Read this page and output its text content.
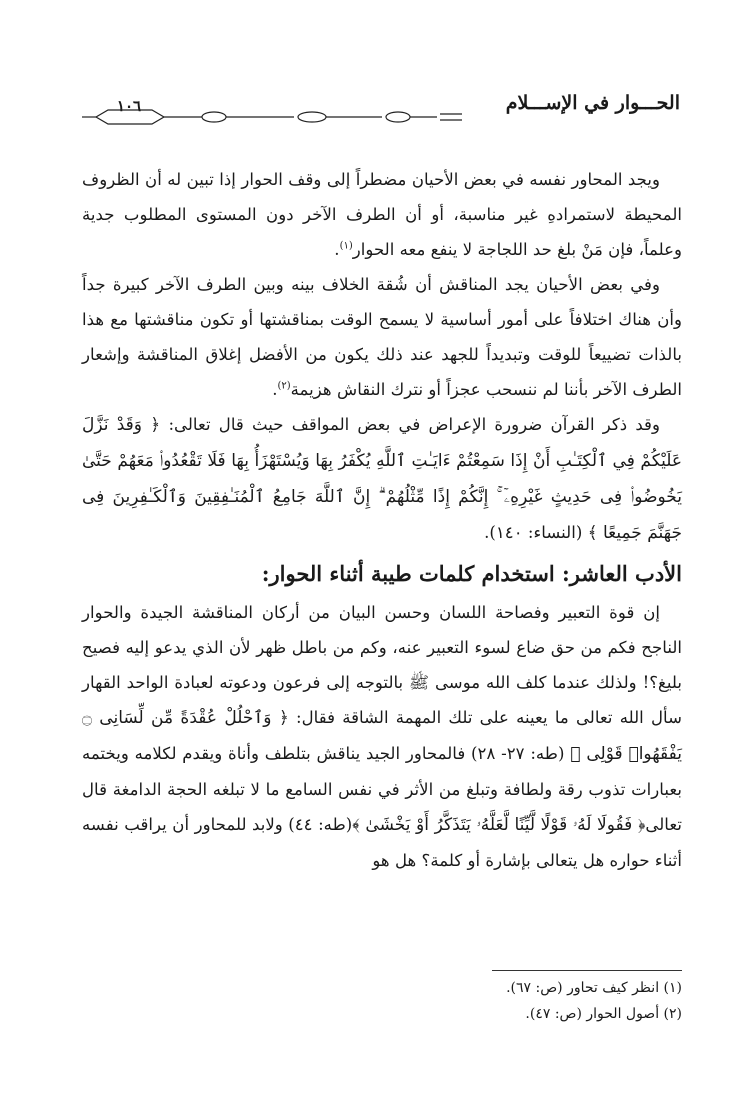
الحـــوار في الإســـلام
١٠٦

ويجد المحاور نفسه في بعض الأحيان مضطراً إلى وقف الحوار إذا تبين له أن الظروف المحيطة لاستمرادهِ غير مناسبة، أو أن الطرف الآخر دون المستوى المطلوب جدية وعلماً، فإن مَنْ بلغ حد اللجاجة لا ينفع معه الحوار$^{(١)}$.

وفي بعض الأحيان يجد المناقش أن شُقة الخلاف بينه وبين الطرف الآخر كبيرة جداً وأن هناك اختلافاً على أمور أساسية لا يسمح الوقت بمناقشتها أو تكون مناقشتها مع هذا بالذات تضييعاً للوقت وتبديداً للجهد عند ذلك يكون من الأفضل إغلاق المناقشة وإشعار الطرف الآخر بأننا لم ننسحب عجزاً أو نترك النقاش هزيمة$^{(٢)}$.

وقد ذكر القرآن ضرورة الإعراض في بعض المواقف حيث قال تعالى: ﴿ وَقَدْ نَزَّلَ عَلَيْكُمْ فِي ٱلْكِتَـٰبِ أَنْ إِذَا سَمِعْتُمْ ءَايَـٰتِ ٱللَّهِ يُكْفَرُ بِهَا وَيُسْتَهْزَأُ بِهَا فَلَا تَقْعُدُوا۟ مَعَهُمْ حَتَّىٰ يَخُوضُوا۟ فِى حَدِيثٍ غَيْرِهِۦٓ ۚ إِنَّكُمْ إِذًا مِّثْلُهُمْ ۗ إِنَّ ٱللَّهَ جَامِعُ ٱلْمُنَـٰفِقِينَ وَٱلْكَـٰفِرِينَ فِى جَهَنَّمَ جَمِيعًا ﴾ (النساء: ١٤٠).

الأدب العاشر: استخدام كلمات طيبة أثناء الحوار:

إن قوة التعبير وفصاحة اللسان وحسن البيان من أركان المناقشة الجيدة والحوار الناجح فكم من حق ضاع لسوء التعبير عنه، وكم من باطل ظهر لأن الذي يدعو إليه فصيح بليغ؟! ولذلك عندما كلف الله موسى ﷺ بالتوجه إلى فرعون ودعوته لعبادة الواحد القهار سأل الله تعالى ما يعينه على تلك المهمة الشاقة فقال: ﴿ وَٱحْلُلْ عُقْدَةً مِّن لِّسَانِى ۝ يَفْقَهُوا۟ قَوْلِى ﴾ (طه: ٢٧- ٢٨) فالمحاور الجيد يناقش بتلطف وأناة ويقدم لكلامه ويختمه بعبارات تذوب رقة ولطافة وتبلغ من الأثر في نفس السامع ما لا تبلغه الحجة الدامغة قال تعالى﴿ فَقُولَا لَهُۥ قَوْلًا لَّيِّنًا لَّعَلَّهُۥ يَتَذَكَّرُ أَوْ يَخْشَىٰ ﴾(طه: ٤٤) ولابد للمحاور أن يراقب نفسه أثناء حواره هل يتعالى بإشارة أو كلمة؟ هل هو

(١) انظر كيف تحاور (ص: ٦٧).
(٢) أصول الحوار (ص: ٤٧).
